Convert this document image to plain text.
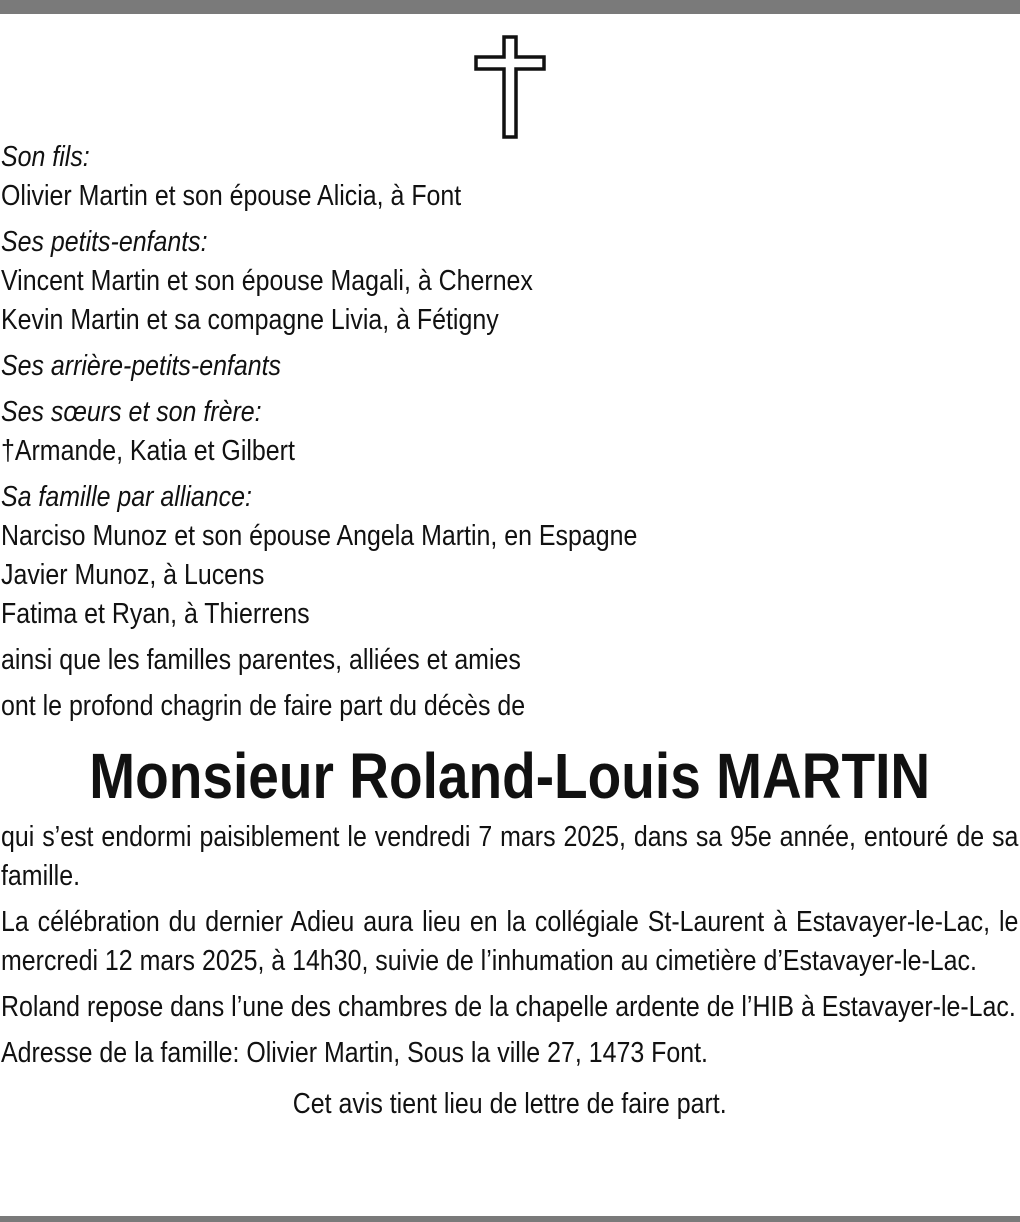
Son fils:
Olivier Martin et son épouse Alicia, à Font
Ses petits-enfants:
Vincent Martin et son épouse Magali, à Chernex
Kevin Martin et sa compagne Livia, à Fétigny
Ses arrière-petits-enfants
Ses sœurs et son frère:
†Armande, Katia et Gilbert
Sa famille par alliance:
Narciso Munoz et son épouse Angela Martin, en Espagne
Javier Munoz, à Lucens
Fatima et Ryan, à Thierrens
ainsi que les familles parentes, alliées et amies
ont le profond chagrin de faire part du décès de
Monsieur Roland-Louis MARTIN
qui s’est endormi paisiblement le vendredi 7 mars 2025, dans sa 95e année, entouré de sa famille.
La célébration du dernier Adieu aura lieu en la collégiale St-Laurent à Estavayer-le-Lac, le mercredi 12 mars 2025, à 14h30, suivie de l’inhumation au cimetière d’Estavayer-le-Lac.
Roland repose dans l’une des chambres de la chapelle ardente de l’HIB à Estavayer-le-Lac.
Adresse de la famille: Olivier Martin, Sous la ville 27, 1473 Font.
Cet avis tient lieu de lettre de faire part.
